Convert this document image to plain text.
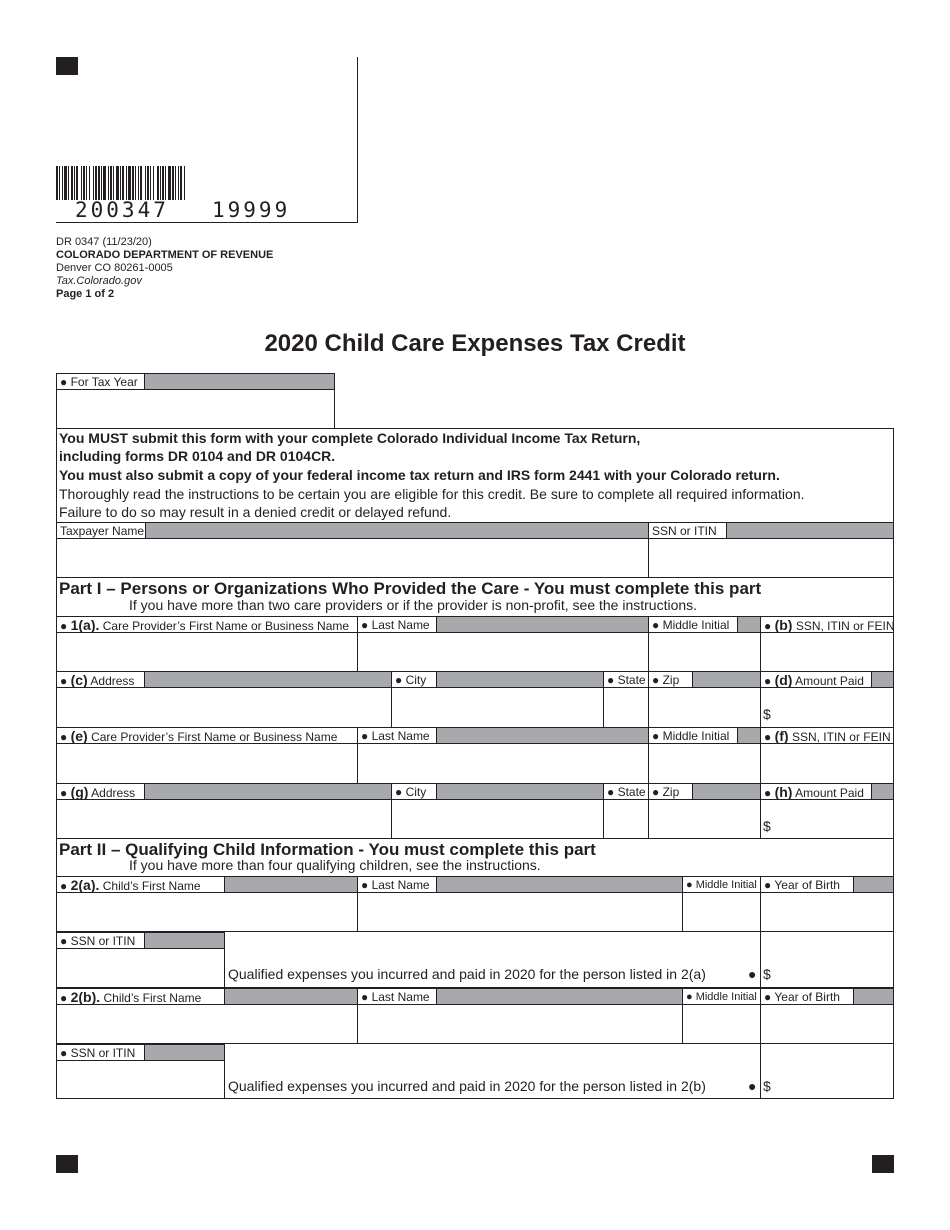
200347 19999
DR 0347 (11/23/20)
COLORADO DEPARTMENT OF REVENUE
Denver CO 80261-0005
Tax.Colorado.gov
Page 1 of 2
2020 Child Care Expenses Tax Credit
● For Tax Year
You MUST submit this form with your complete Colorado Individual Income Tax Return,
including forms DR 0104 and DR 0104CR.
You must also submit a copy of your federal income tax return and IRS form 2441 with your Colorado return.
Thoroughly read the instructions to be certain you are eligible for this credit. Be sure to complete all required information.
Failure to do so may result in a denied credit or delayed refund.
Taxpayer Name	SSN or ITIN
Part I – Persons or Organizations Who Provided the Care - You must complete this part
If you have more than two care providers or if the provider is non-profit, see the instructions.
● 1(a). Care Provider’s First Name or Business Name ● Last Name	● Middle Initial	● (b) SSN, ITIN or FEIN
● (c) Address	● City	● State ● Zip	● (d) Amount Paid
$
● (e) Care Provider’s First Name or Business Name	● Last Name	● Middle Initial	● (f) SSN, ITIN or FEIN
● (g) Address	● City	● State ● Zip	● (h) Amount Paid
$
Part II – Qualifying Child Information - You must complete this part
If you have more than four qualifying children, see the instructions.
● 2(a). Child’s First Name	● Last Name	● Middle Initial ● Year of Birth
● SSN or ITIN
Qualified expenses you incurred and paid in 2020 for the person listed in 2(a)	● $
● 2(b). Child’s First Name	● Last Name	● Middle Initial ● Year of Birth
● SSN or ITIN
Qualified expenses you incurred and paid in 2020 for the person listed in 2(b)	● $
